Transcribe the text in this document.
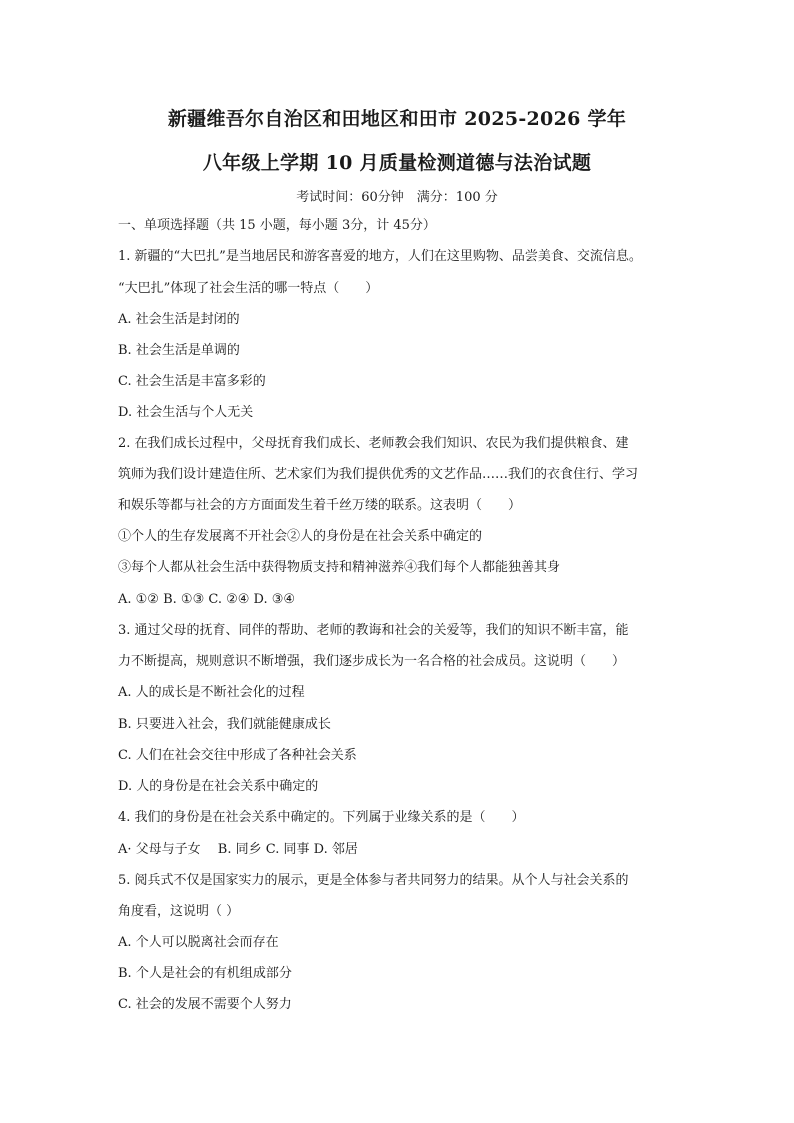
新疆维吾尔自治区和田地区和田市 2025-2026 学年
八年级上学期 10 月质量检测道德与法治试题
考试时间：60分钟　满分：100 分
一、单项选择题（共 15 小题，每小题 3分，计 45分）
1. 新疆的“大巴扎”是当地居民和游客喜爱的地方，人们在这里购物、品尝美食、交流信息。
“大巴扎”体现了社会生活的哪一特点（　　）
A. 社会生活是封闭的
B. 社会生活是单调的
C. 社会生活是丰富多彩的
D. 社会生活与个人无关
2. 在我们成长过程中，父母抚育我们成长、老师教会我们知识、农民为我们提供粮食、建
筑师为我们设计建造住所、艺术家们为我们提供优秀的文艺作品……我们的衣食住行、学习
和娱乐等都与社会的方方面面发生着千丝万缕的联系。这表明（　　）
①个人的生存发展离不开社会②人的身份是在社会关系中确定的
③每个人都从社会生活中获得物质支持和精神滋养④我们每个人都能独善其身
A. ①② B. ①③ C. ②④ D. ③④
3. 通过父母的抚育、同伴的帮助、老师的教诲和社会的关爱等，我们的知识不断丰富，能
力不断提高，规则意识不断增强，我们逐步成长为一名合格的社会成员。这说明（　　）
A. 人的成长是不断社会化的过程
B. 只要进入社会，我们就能健康成长
C. 人们在社会交往中形成了各种社会关系
D. 人的身份是在社会关系中确定的
4. 我们的身份是在社会关系中确定的。下列属于业缘关系的是（　　）
A· 父母与子女　 B. 同乡 C. 同事 D. 邻居
5. 阅兵式不仅是国家实力的展示，更是全体参与者共同努力的结果。从个人与社会关系的
角度看，这说明（ ）
A. 个人可以脱离社会而存在
B. 个人是社会的有机组成部分
C. 社会的发展不需要个人努力
